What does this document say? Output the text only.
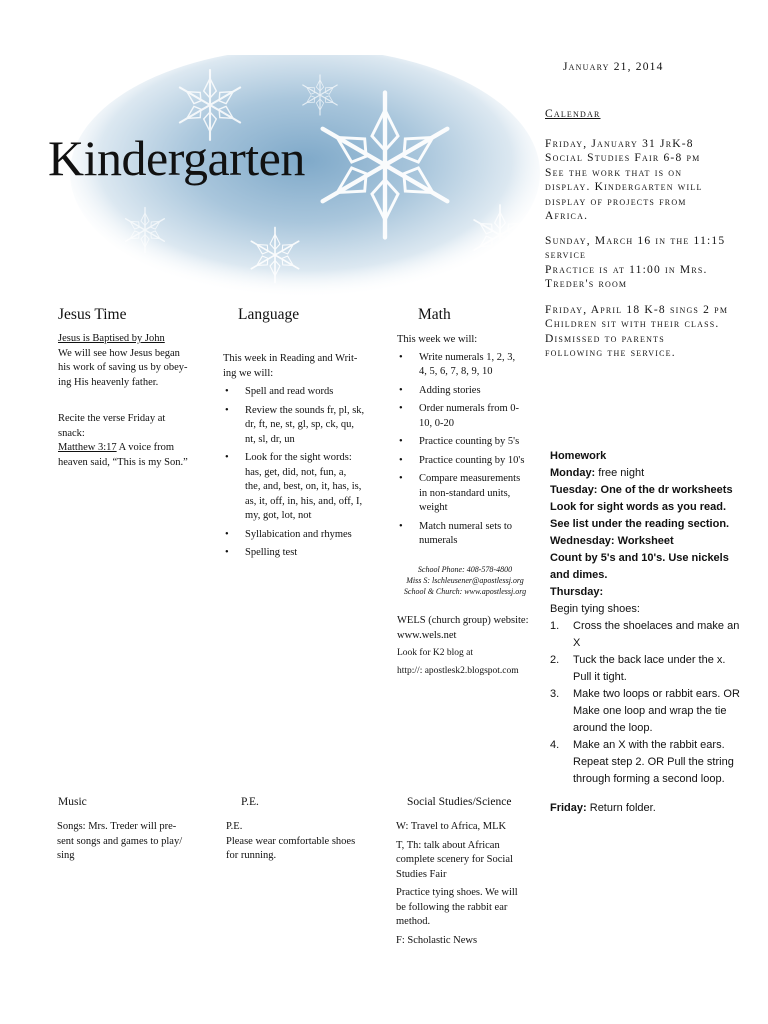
Kindergarten
January 21, 2014
Calendar

Friday, January 31 JrK-8

Social Studies Fair 6-8 pm

See the work that is on

display. Kindergarten will

display of projects from

Africa.

Sunday, March 16 in the 11:15

service

Practice is at 11:00 in Mrs.

Treder's room

Friday, April 18 K-8 sings 2 pm

Children sit with their class.

Dismissed to parents

following the service.

Jesus Time

Jesus is Baptised by John

We will see how Jesus began

his work of saving us by obey-

ing His heavenly father.

Recite the verse Friday at

snack:

Matthew 3:17 A voice from

heaven said, “This is my Son.”

Language

This week in Reading and Writ-

ing we will:

• Spell and read words
• Review the sounds fr, pl, sk,
dr, ft, ne, st, gl, sp, ck, qu,
nt, sl, dr, un
• Look for the sight words:
has, get, did, not, fun, a,
the, and, best, on, it, has, is,
as, it, off, in, his, and, off, I,
my, got, lot, not
• Syllabication and rhymes
• Spelling test
Math

This week we will:

• Write numerals 1, 2, 3,
4, 5, 6, 7, 8, 9, 10
• Adding stories
• Order numerals from 0-
10, 0-20
• Practice counting by 5's
• Practice counting by 10's
• Compare measurements
in non-standard units,
weight
• Match numeral sets to
numerals
School Phone: 408-578-4800
Miss S: lschleusener@apostlessj.org
School & Church: www.apostlessj.org

WELS (church group) website:

www.wels.net

Look for K2 blog at

http://: apostlesk2.blogspot.com

Homework
Monday: free night
Tuesday: One of the dr worksheets
Look for sight words as you read.
See list under the reading section.
Wednesday: Worksheet
Count by 5's and 10's. Use nickels
and dimes.
Thursday:
Begin tying shoes:
1. Cross the shoelaces and make an
X
2. Tuck the back lace under the x.
Pull it tight.
3. Make two loops or rabbit ears. OR
Make one loop and wrap the tie
around the loop.
4. Make an X with the rabbit ears.
Repeat step 2. OR Pull the string
through forming a second loop.
Friday: Return folder.
Music

Songs: Mrs. Treder will pre-

sent songs and games to play/

sing

P.E.

P.E.

Please wear comfortable shoes

for running.

Social Studies/Science

W: Travel to Africa, MLK

T, Th: talk about African

complete scenery for Social

Studies Fair

Practice tying shoes. We will

be following the rabbit ear

method.

F: Scholastic News
